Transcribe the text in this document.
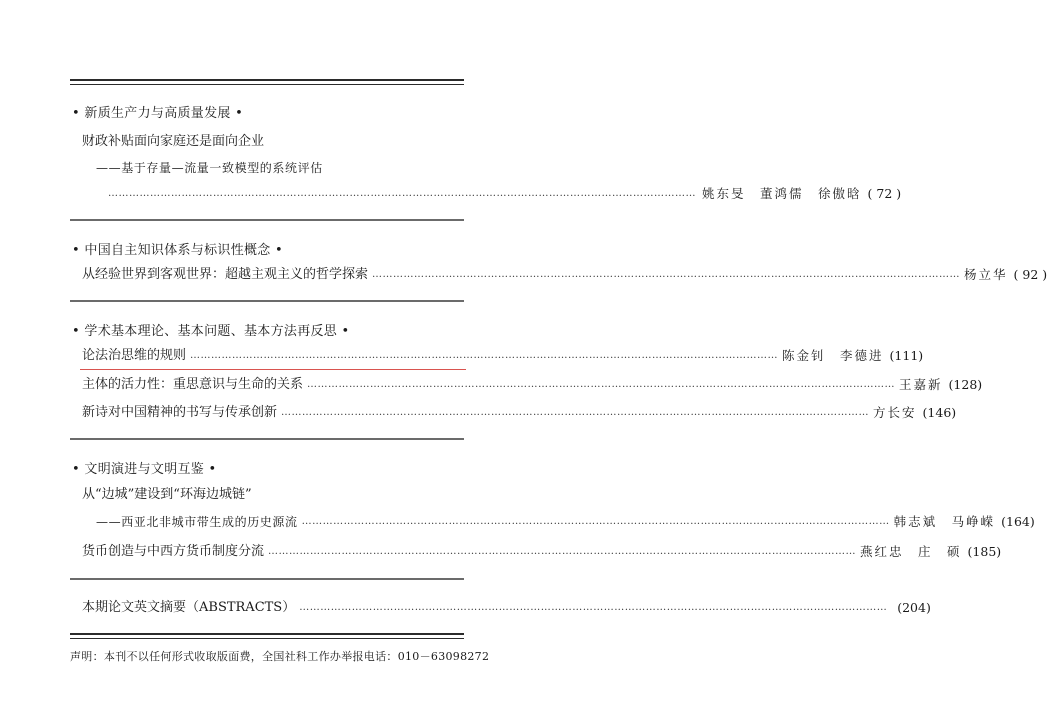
• 新质生产力与高质量发展 •
财政补贴面向家庭还是面向企业
——基于存量—流量一致模型的系统评估
…………………………………………………………………………………………………………………………………………………… 姚东旻　董鸿儒　徐傲晗 ( 72 )
• 中国自主知识体系与标识性概念 •
从经验世界到客观世界：超越主观主义的哲学探索 …………………………………………………………………………………………………………………………………………………… 杨立华 ( 92 )
• 学术基本理论、基本问题、基本方法再反思 •
论法治思维的规则 …………………………………………………………………………………………………………………………………………………… 陈金钊　李德进 (111)
主体的活力性：重思意识与生命的关系 …………………………………………………………………………………………………………………………………………………… 王嘉新 (128)
新诗对中国精神的书写与传承创新 …………………………………………………………………………………………………………………………………………………… 方长安 (146)
• 文明演进与文明互鉴 •
从“边城”建设到“环海边城链”
——西亚北非城市带生成的历史源流 …………………………………………………………………………………………………………………………………………………… 韩志斌　马峥嵘 (164)
货币创造与中西方货币制度分流 …………………………………………………………………………………………………………………………………………………… 燕红忠　庄　硕 (185)
本期论文英文摘要（ABSTRACTS） …………………………………………………………………………………………………………………………………………………… (204)
声明：本刊不以任何形式收取版面费，全国社科工作办举报电话：010－63098272
